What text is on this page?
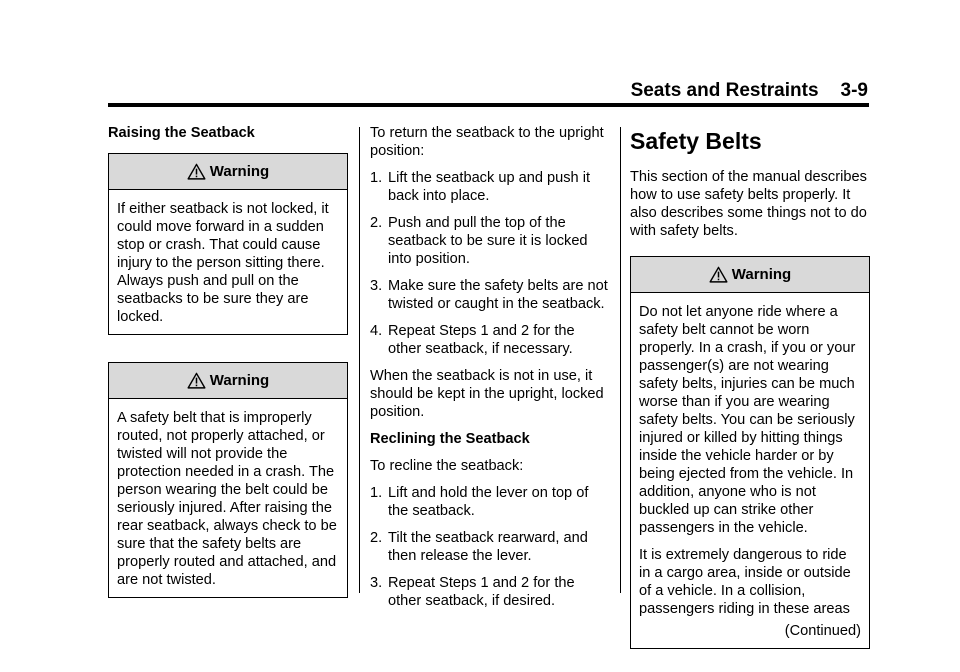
Seats and Restraints 3-9
Raising the Seatback
Warning

If either seatback is not locked, it could move forward in a sudden stop or crash. That could cause injury to the person sitting there. Always push and pull on the seatbacks to be sure they are locked.

Warning

A safety belt that is improperly routed, not properly attached, or twisted will not provide the protection needed in a crash. The person wearing the belt could be seriously injured. After raising the rear seatback, always check to be sure that the safety belts are properly routed and attached, and are not twisted.

To return the seatback to the upright position:

1. Lift the seatback up and push it back into place.
2. Push and pull the top of the seatback to be sure it is locked into position.
3. Make sure the safety belts are not twisted or caught in the seatback.
4. Repeat Steps 1 and 2 for the other seatback, if necessary.

When the seatback is not in use, it should be kept in the upright, locked position.

Reclining the Seatback

To recline the seatback:

1. Lift and hold the lever on top of the seatback.
2. Tilt the seatback rearward, and then release the lever.
3. Repeat Steps 1 and 2 for the other seatback, if desired.
Safety Belts

This section of the manual describes how to use safety belts properly. It also describes some things not to do with safety belts.

Warning

Do not let anyone ride where a safety belt cannot be worn properly. In a crash, if you or your passenger(s) are not wearing safety belts, injuries can be much worse than if you are wearing safety belts. You can be seriously injured or killed by hitting things inside the vehicle harder or by being ejected from the vehicle. In addition, anyone who is not buckled up can strike other passengers in the vehicle.

It is extremely dangerous to ride in a cargo area, inside or outside of a vehicle. In a collision, passengers riding in these areas

(Continued)
